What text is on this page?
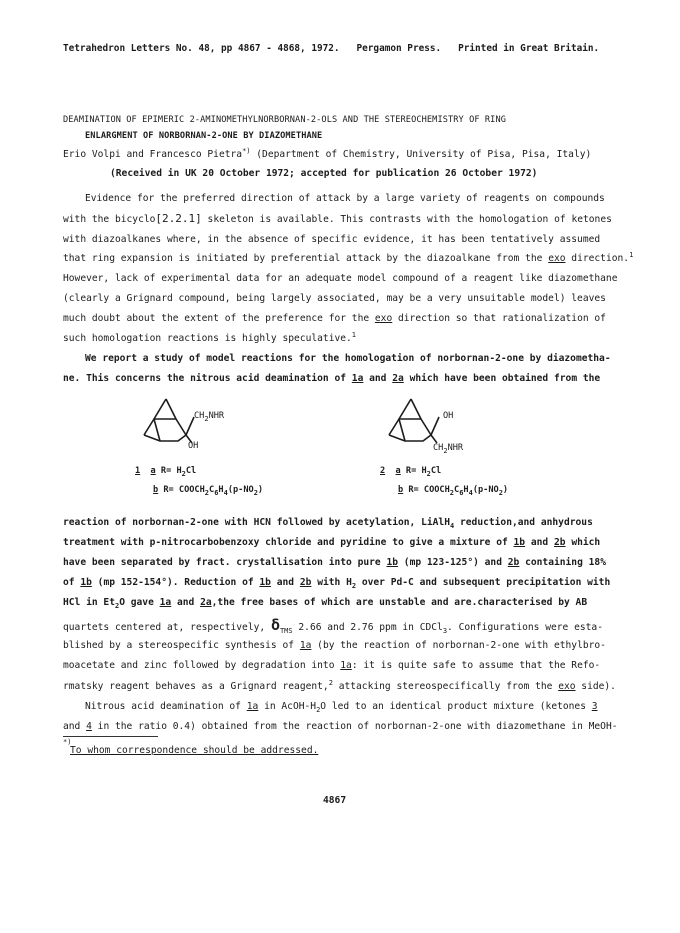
Tetrahedron Letters No. 48, pp 4867 - 4868, 1972.   Pergamon Press.   Printed in Great Britain.
DEAMINATION OF EPIMERIC 2-AMINOMETHYLNORBORNAN-2-OLS AND THE STEREOCHEMISTRY OF RING
ENLARGMENT OF NORBORNAN-2-ONE BY DIAZOMETHANE
Erio Volpi and Francesco Pietra*) (Department of Chemistry, University of Pisa, Pisa, Italy)
(Received in UK 20 October 1972; accepted for publication 26 October 1972)
Evidence for the preferred direction of attack by a large variety of reagents on compounds
with the bicyclo[2.2.1] skeleton is available. This contrasts with the homologation of ketones
with diazoalkanes where, in the absence of specific evidence, it has been tentatively assumed
that ring expansion is initiated by preferential attack by the diazoalkane from the exo direction.$^1$
However, lack of experimental data for an adequate model compound of a reagent like diazomethane
(clearly a Grignard compound, being largely associated, may be a very unsuitable model) leaves
much doubt about the extent of the preference for the exo direction so that rationalization of
such homologation reactions is highly speculative.$^1$
We report a study of model reactions for the homologation of norbornan-2-one by diazometha-
ne. This concerns the nitrous acid deamination of 1a and 2a which have been obtained from the
$CH_2NHR$
OH
1 a $R= H_2Cl$
b $R= COOCH_2C_6H_4(p-NO_2)$
OH
$CH_2NHR$
2 a $R= H_2Cl$
b $R= COOCH_2C_6H_4(p-NO_2)$
reaction of norbornan-2-one with HCN followed by acetylation, LiAlH$_4$ reduction,and anhydrous
treatment with p-nitrocarbobenzoxy chloride and pyridine to give a mixture of 1b and 2b which
have been separated by fract. crystallisation into pure 1b (mp 123-125°) and 2b containing 18%
of 1b (mp 152-154°). Reduction of 1b and 2b with $H_2$ over Pd-C and subsequent precipitation with
HCl in $Et_2O$ gave 1a and 2a,the free bases of which are unstable and are.characterised by AB
quartets centered at, respectively, $\delta_{TMS}$ 2.66 and 2.76 ppm in CDCl$_3$. Configurations were esta-
blished by a stereospecific synthesis of 1a (by the reaction of norbornan-2-one with ethylbro-
moacetate and zinc followed by degradation into 1a: it is quite safe to assume that the Refo-
rmatsky reagent behaves as a Grignard reagent,$^2$ attacking stereospecifically from the exo side).
Nitrous acid deamination of 1a in AcOH-$H_2O$ led to an identical product mixture (ketones 3
and 4 in the ratio 0.4) obtained from the reaction of norbornan-2-one with diazomethane in MeOH-
*)
To whom correspondence should be addressed.
4867
